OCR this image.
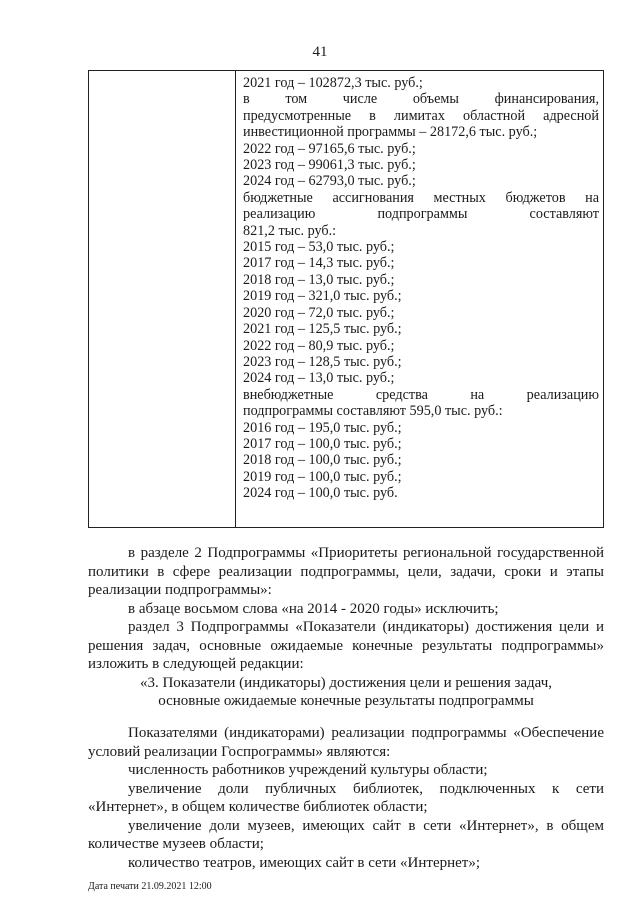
41
2021 год – 102872,3 тыс. руб.;
в том числе объемы финансирования,
предусмотренные в лимитах областной адресной
инвестиционной программы – 28172,6 тыс. руб.;
2022 год – 97165,6 тыс. руб.;
2023 год – 99061,3 тыс. руб.;
2024 год – 62793,0 тыс. руб.;
бюджетные ассигнования местных бюджетов на
реализацию подпрограммы составляют
821,2 тыс. руб.:
2015 год – 53,0 тыс. руб.;
2017 год – 14,3 тыс. руб.;
2018 год – 13,0 тыс. руб.;
2019 год – 321,0 тыс. руб.;
2020 год – 72,0 тыс. руб.;
2021 год – 125,5 тыс. руб.;
2022 год – 80,9 тыс. руб.;
2023 год – 128,5 тыс. руб.;
2024 год – 13,0 тыс. руб.;
внебюджетные средства на реализацию
подпрограммы составляют 595,0 тыс. руб.:
2016 год – 195,0 тыс. руб.;
2017 год – 100,0 тыс. руб.;
2018 год – 100,0 тыс. руб.;
2019 год – 100,0 тыс. руб.;
2024 год – 100,0 тыс. руб.
в разделе 2 Подпрограммы «Приоритеты региональной государственной политики в сфере реализации подпрограммы, цели, задачи, сроки и этапы реализации подпрограммы»:
в абзаце восьмом слова «на 2014 - 2020 годы» исключить;
раздел 3 Подпрограммы «Показатели (индикаторы) достижения цели и решения задач, основные ожидаемые конечные результаты подпрограммы» изложить в следующей редакции:
«3. Показатели (индикаторы) достижения цели и решения задач,
основные ожидаемые конечные результаты подпрограммы
Показателями (индикаторами) реализации подпрограммы «Обеспечение условий реализации Госпрограммы» являются:
численность работников учреждений культуры области;
увеличение доли публичных библиотек, подключенных к сети «Интернет», в общем количестве библиотек области;
увеличение доли музеев, имеющих сайт в сети «Интернет», в общем количестве музеев области;
количество театров, имеющих сайт в сети «Интернет»;
Дата печати 21.09.2021 12:00
